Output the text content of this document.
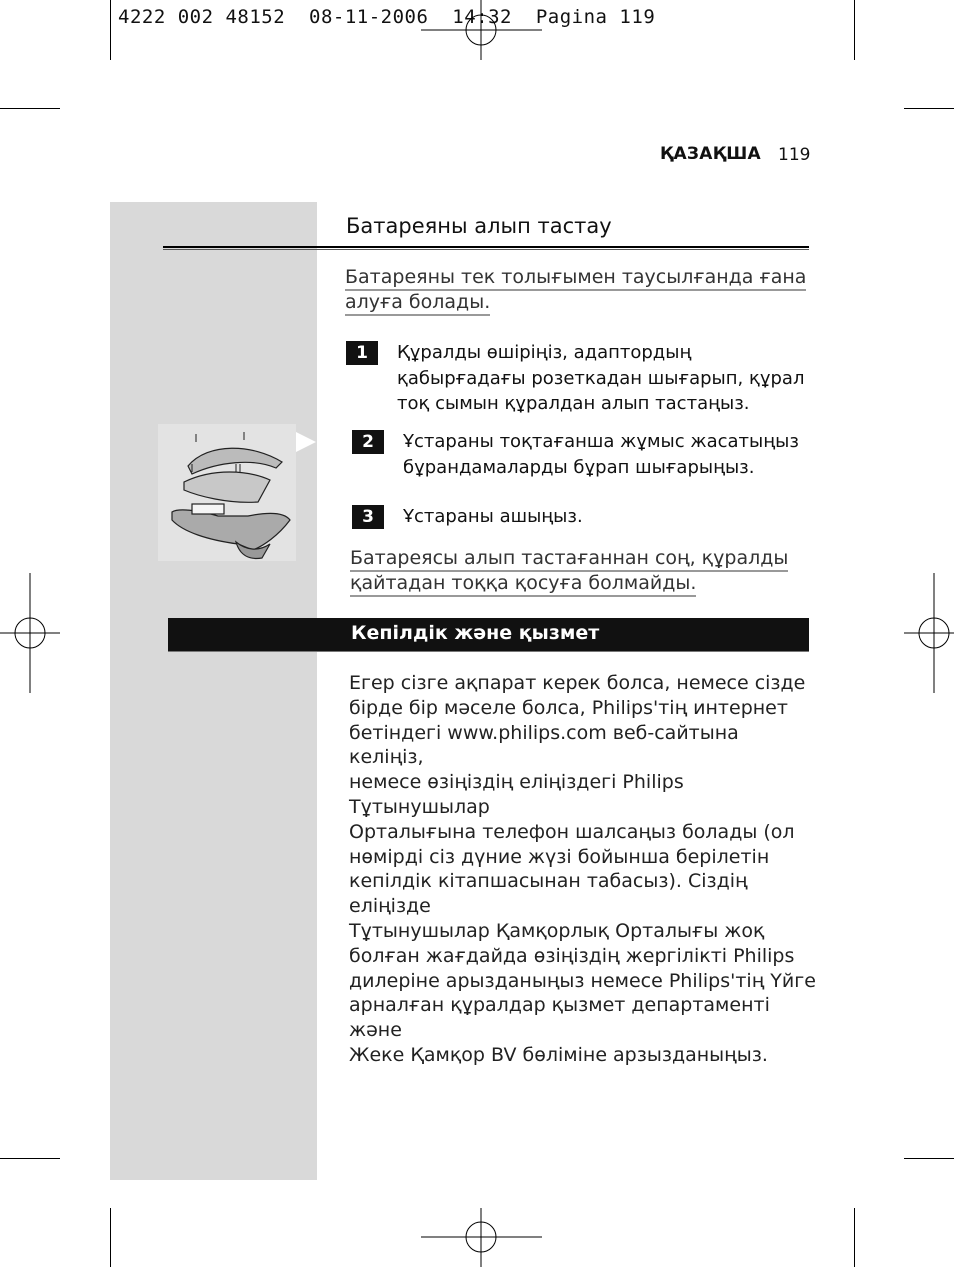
4222 002 48152  08-11-2006  14:32  Pagina 119
ҚАЗАҚША 119
Батареяны алып тастау
Батареяны тек толығымен таусылғанда ғана
алуға болады.
1	Құралды өшіріңіз, адаптордың
қабырғадағы розеткадан шығарып, құрал
тоқ сымын құралдан алып тастаңыз.
2	Ұстараны тоқтағанша жұмыс жасатыңыз
бұрандамаларды бұрап шығарыңыз.
3	Ұстараны ашыңыз.
Батареясы алып тастағаннан соң, құралды
қайтадан тоққа қосуға болмайды.
Кепілдік және қызмет
Егер сізге ақпарат керек болса, немесе сізде
бірде бір мәселе болса, Philips'тің интернет
бетіндегі www.philips.com веб-сайтына келіңіз,
немесе өзіңіздің еліңіздегі Philips Тұтынушылар
Орталығына телефон шалсаңыз болады (ол
нөмірді сіз дүние жүзі бойынша берілетін
кепілдік кітапшасынан табасыз). Сіздің еліңізде
Тұтынушылар Қамқорлық Орталығы жоқ
болған жағдайда өзіңіздің жергілікті Philips
дилеріне арызданыңыз немесе Philips'тің Үйге
арналған құралдар қызмет департаменті және
Жеке Қамқор BV бөліміне арзызданыңыз.
